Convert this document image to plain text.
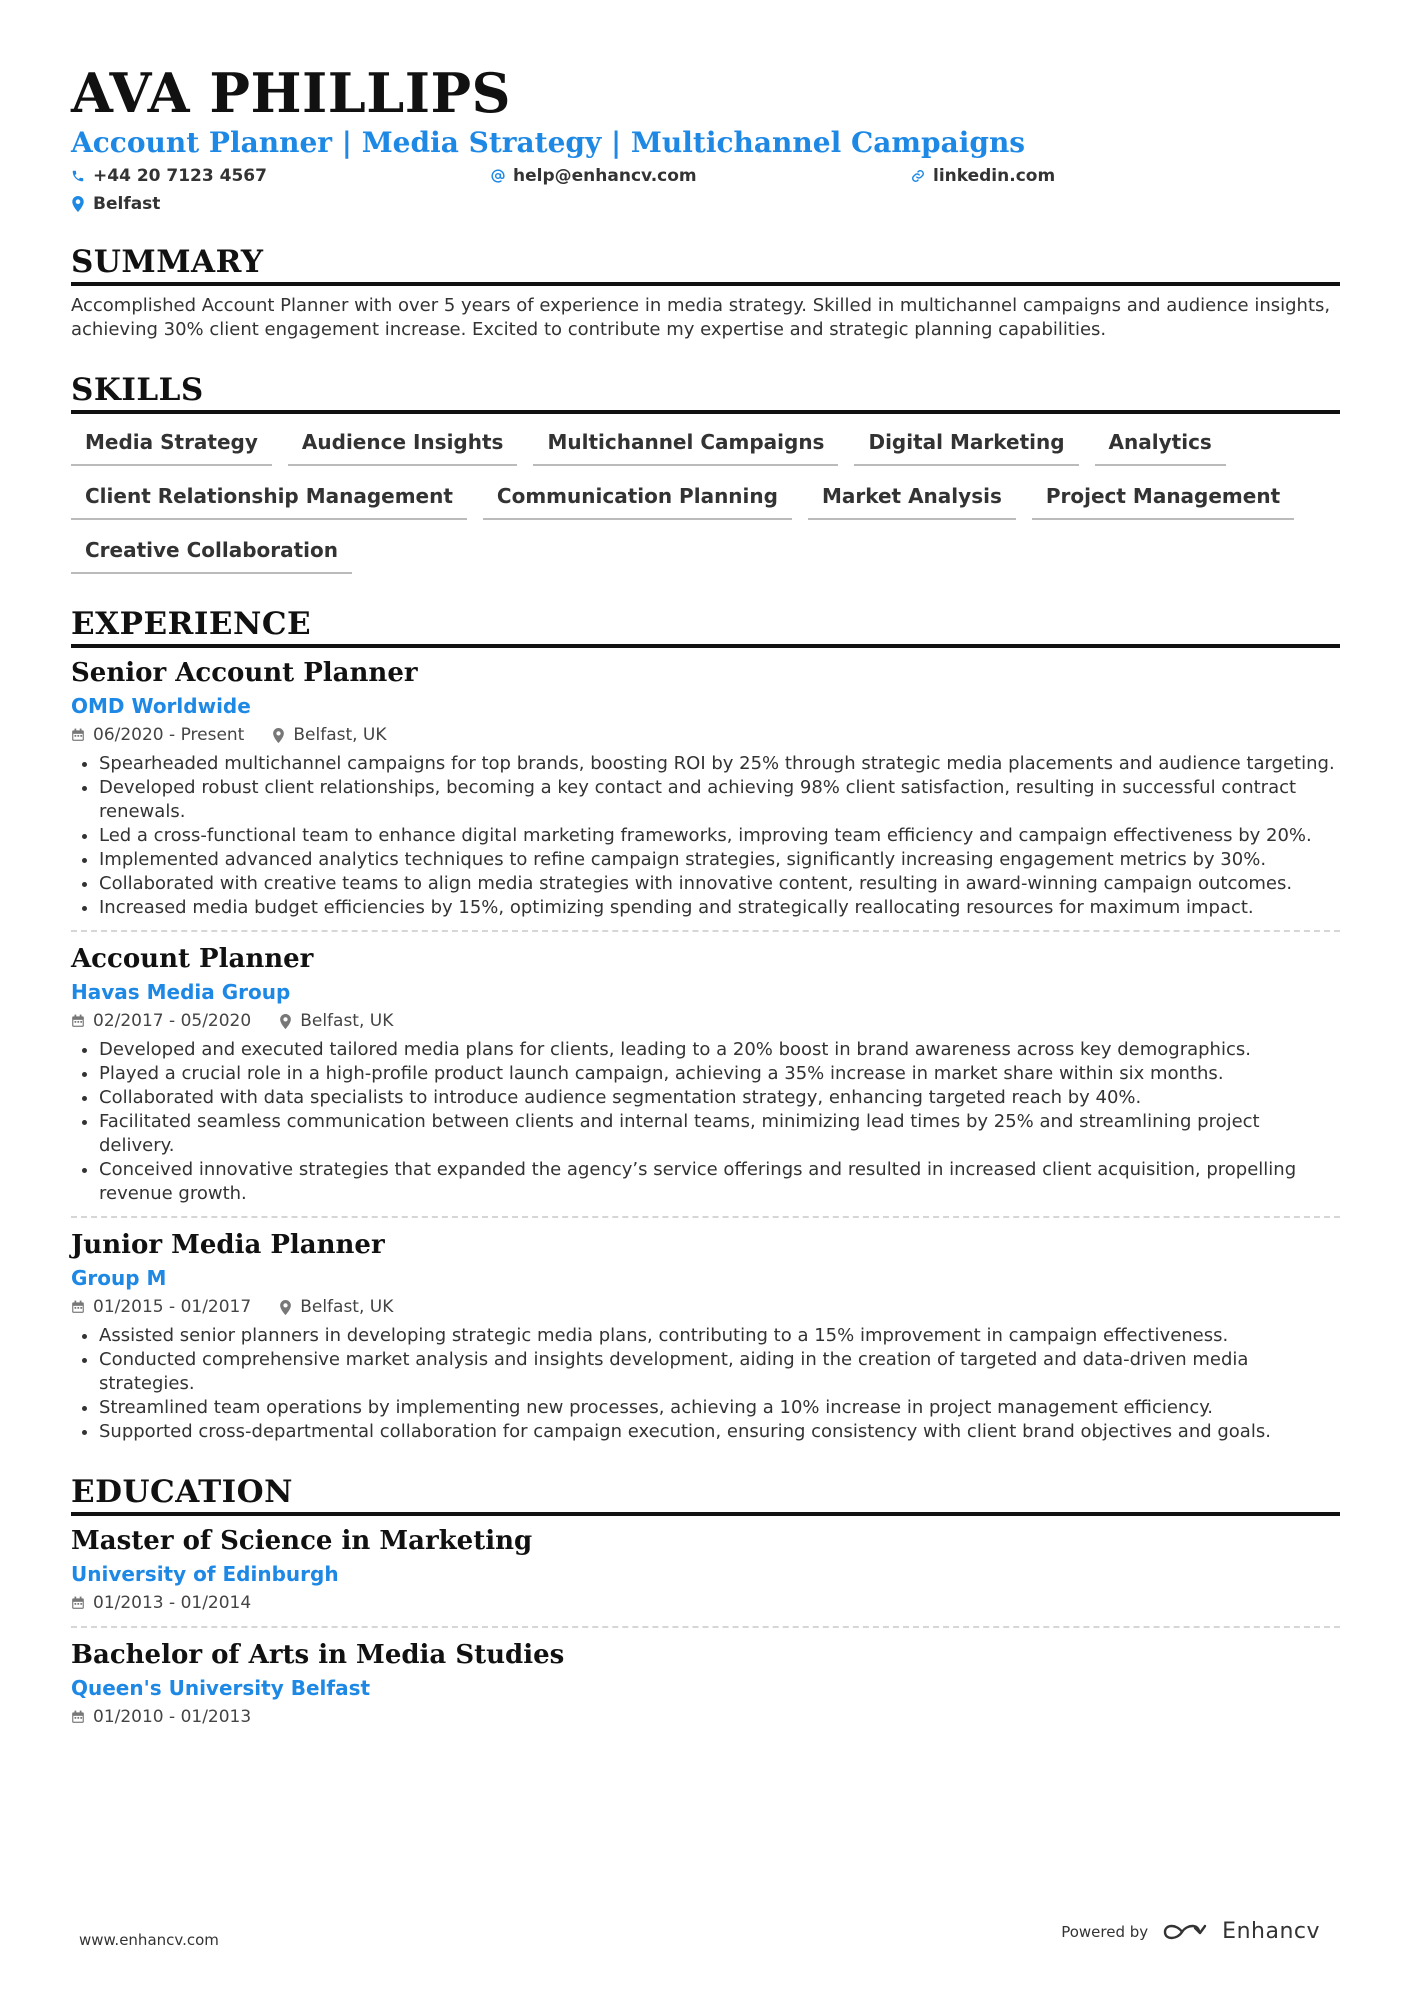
AVA PHILLIPS
Account Planner | Media Strategy | Multichannel Campaigns
+44 20 7123 4567	help@enhancv.com	linkedin.com
Belfast
SUMMARY

Accomplished Account Planner with over 5 years of experience in media strategy. Skilled in multichannel campaigns and audience insights, achieving 30% client engagement increase. Excited to contribute my expertise and strategic planning capabilities.

SKILLS
Media Strategy	Audience Insights	Multichannel Campaigns	Digital Marketing	Analytics
Client Relationship Management	Communication Planning	Market Analysis	Project Management
Creative Collaboration
EXPERIENCE
Senior Account Planner
OMD Worldwide
06/2020 - Present	Belfast, UK
• Spearheaded multichannel campaigns for top brands, boosting ROI by 25% through strategic media placements and audience targeting.
• Developed robust client relationships, becoming a key contact and achieving 98% client satisfaction, resulting in successful contract renewals.
• Led a cross-functional team to enhance digital marketing frameworks, improving team efficiency and campaign effectiveness by 20%.
• Implemented advanced analytics techniques to refine campaign strategies, significantly increasing engagement metrics by 30%.
• Collaborated with creative teams to align media strategies with innovative content, resulting in award-winning campaign outcomes.
• Increased media budget efficiencies by 15%, optimizing spending and strategically reallocating resources for maximum impact.
Account Planner
Havas Media Group
02/2017 - 05/2020	Belfast, UK
• Developed and executed tailored media plans for clients, leading to a 20% boost in brand awareness across key demographics.
• Played a crucial role in a high-profile product launch campaign, achieving a 35% increase in market share within six months.
• Collaborated with data specialists to introduce audience segmentation strategy, enhancing targeted reach by 40%.
• Facilitated seamless communication between clients and internal teams, minimizing lead times by 25% and streamlining project delivery.
• Conceived innovative strategies that expanded the agency’s service offerings and resulted in increased client acquisition, propelling revenue growth.
Junior Media Planner
Group M
01/2015 - 01/2017	Belfast, UK
• Assisted senior planners in developing strategic media plans, contributing to a 15% improvement in campaign effectiveness.
• Conducted comprehensive market analysis and insights development, aiding in the creation of targeted and data-driven media strategies.
• Streamlined team operations by implementing new processes, achieving a 10% increase in project management efficiency.
• Supported cross-departmental collaboration for campaign execution, ensuring consistency with client brand objectives and goals.
EDUCATION
Master of Science in Marketing
University of Edinburgh
01/2013 - 01/2014
Bachelor of Arts in Media Studies
Queen's University Belfast
01/2010 - 01/2013
www.enhancv.com	Powered by	Enhancv
